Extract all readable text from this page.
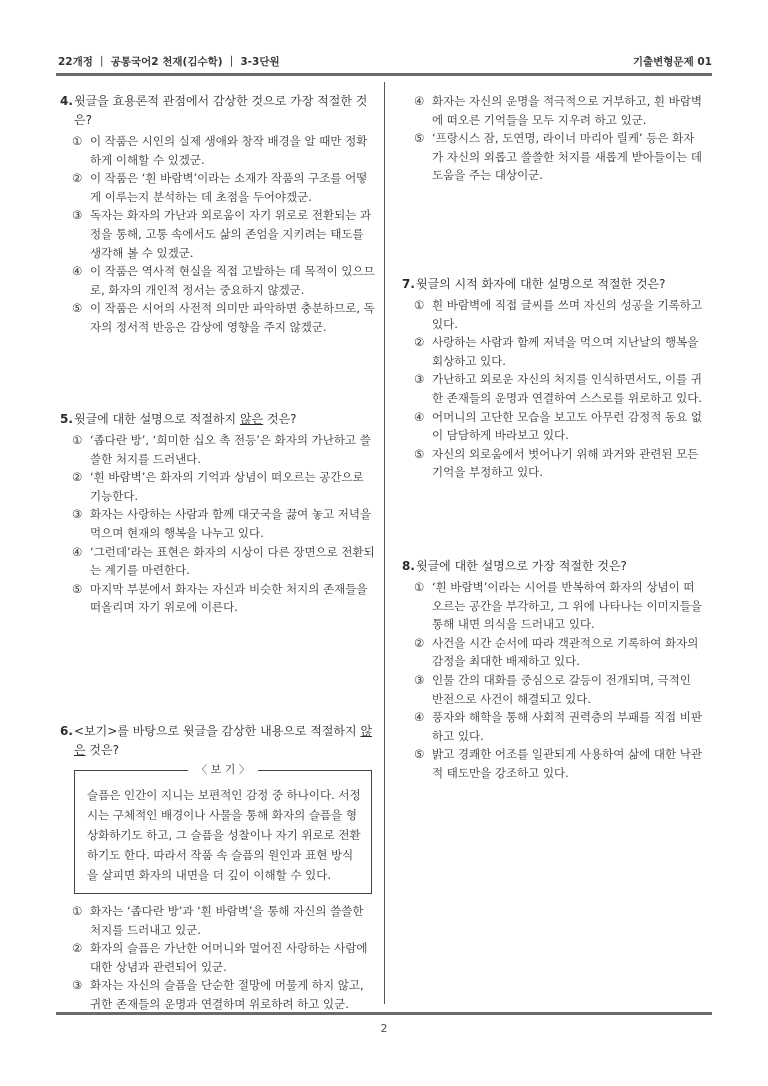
22개정 ｜ 공통국어2 천재(김수학) ｜ 3-3단원	기출변형문제 01
4. 윗글을 효용론적 관점에서 감상한 것으로 가장 적절한 것은?
① 이 작품은 시인의 실제 생애와 창작 배경을 알 때만 정확하게 이해할 수 있겠군.
② 이 작품은 ‘흰 바람벽’이라는 소재가 작품의 구조를 어떻게 이루는지 분석하는 데 초점을 두어야겠군.
③ 독자는 화자의 가난과 외로움이 자기 위로로 전환되는 과정을 통해, 고통 속에서도 삶의 존엄을 지키려는 태도를 생각해 볼 수 있겠군.
④ 이 작품은 역사적 현실을 직접 고발하는 데 목적이 있으므로, 화자의 개인적 정서는 중요하지 않겠군.
⑤ 이 작품은 시어의 사전적 의미만 파악하면 충분하므로, 독자의 정서적 반응은 감상에 영향을 주지 않겠군.
5. 윗글에 대한 설명으로 적절하지 않은 것은?
① ‘좁다란 방’, ‘희미한 십오 촉 전등’은 화자의 가난하고 쓸쓸한 처지를 드러낸다.
② ‘흰 바람벽’은 화자의 기억과 상념이 떠오르는 공간으로 기능한다.
③ 화자는 사랑하는 사람과 함께 대굿국을 끓여 놓고 저녁을 먹으며 현재의 행복을 나누고 있다.
④ ‘그런데’라는 표현은 화자의 시상이 다른 장면으로 전환되는 계기를 마련한다.
⑤ 마지막 부분에서 화자는 자신과 비슷한 처지의 존재들을 떠올리며 자기 위로에 이른다.
6. <보기>를 바탕으로 윗글을 감상한 내용으로 적절하지 않은 것은?
〈 보 기 〉
슬픔은 인간이 지니는 보편적인 감정 중 하나이다. 서정시는 구체적인 배경이나 사물을 통해 화자의 슬픔을 형상화하기도 하고, 그 슬픔을 성찰이나 자기 위로로 전환하기도 한다. 따라서 작품 속 슬픔의 원인과 표현 방식을 살피면 화자의 내면을 더 깊이 이해할 수 있다.
① 화자는 ‘좁다란 방’과 ‘흰 바람벽’을 통해 자신의 쓸쓸한 처지를 드러내고 있군.
② 화자의 슬픔은 가난한 어머니와 멀어진 사랑하는 사람에 대한 상념과 관련되어 있군.
③ 화자는 자신의 슬픔을 단순한 절망에 머물게 하지 않고, 귀한 존재들의 운명과 연결하며 위로하려 하고 있군.
④ 화자는 자신의 운명을 적극적으로 거부하고, 흰 바람벽에 떠오른 기억들을 모두 지우려 하고 있군.
⑤ ‘프랑시스 잠, 도연명, 라이너 마리아 릴케’ 등은 화자가 자신의 외롭고 쓸쓸한 처지를 새롭게 받아들이는 데 도움을 주는 대상이군.
7. 윗글의 시적 화자에 대한 설명으로 적절한 것은?
① 흰 바람벽에 직접 글씨를 쓰며 자신의 성공을 기록하고 있다.
② 사랑하는 사람과 함께 저녁을 먹으며 지난날의 행복을 회상하고 있다.
③ 가난하고 외로운 자신의 처지를 인식하면서도, 이를 귀한 존재들의 운명과 연결하여 스스로를 위로하고 있다.
④ 어머니의 고단한 모습을 보고도 아무런 감정적 동요 없이 담담하게 바라보고 있다.
⑤ 자신의 외로움에서 벗어나기 위해 과거와 관련된 모든 기억을 부정하고 있다.
8. 윗글에 대한 설명으로 가장 적절한 것은?
① ‘흰 바람벽’이라는 시어를 반복하여 화자의 상념이 떠오르는 공간을 부각하고, 그 위에 나타나는 이미지들을 통해 내면 의식을 드러내고 있다.
② 사건을 시간 순서에 따라 객관적으로 기록하여 화자의 감정을 최대한 배제하고 있다.
③ 인물 간의 대화를 중심으로 갈등이 전개되며, 극적인 반전으로 사건이 해결되고 있다.
④ 풍자와 해학을 통해 사회적 권력층의 부패를 직접 비판하고 있다.
⑤ 밝고 경쾌한 어조를 일관되게 사용하여 삶에 대한 낙관적 태도만을 강조하고 있다.
2
